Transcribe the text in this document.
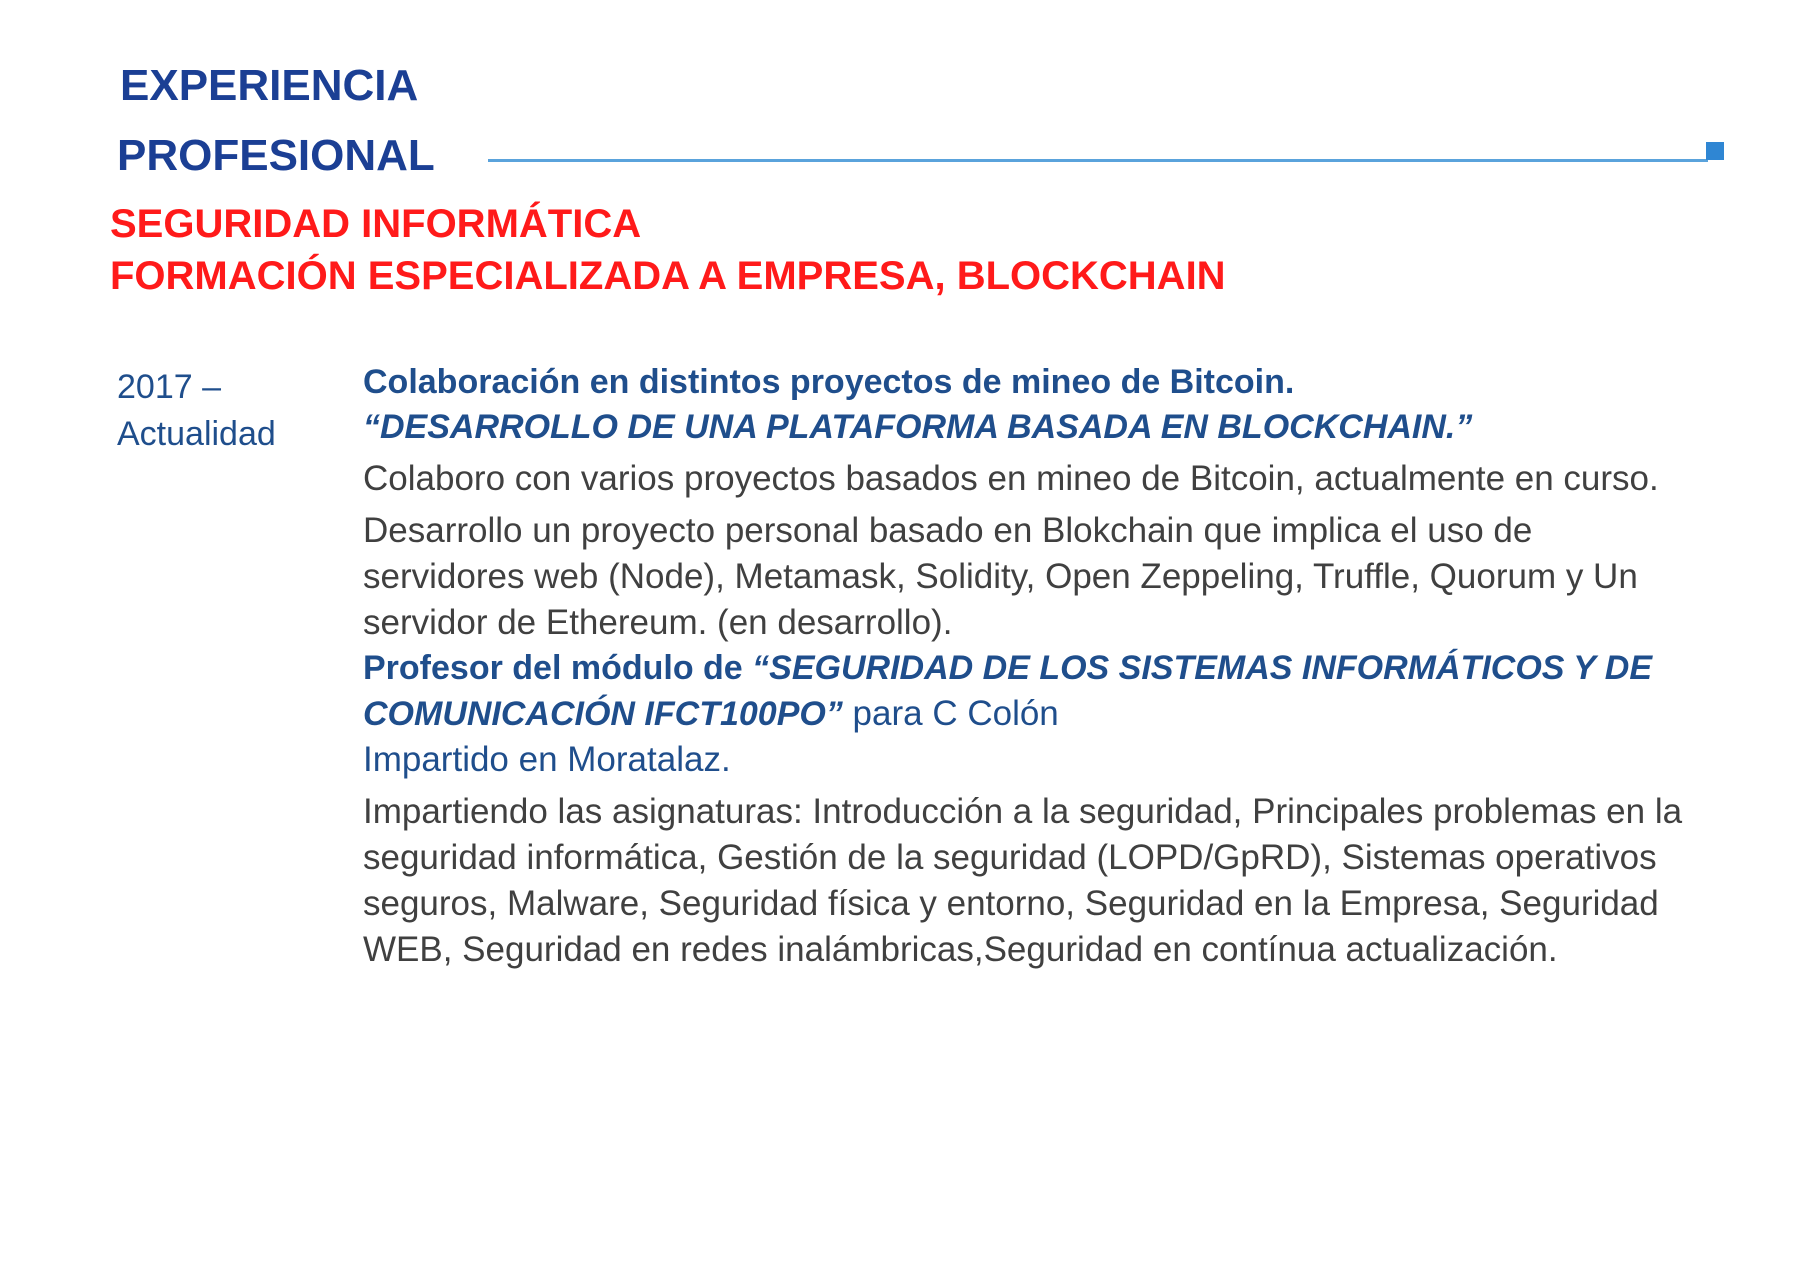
EXPERIENCIA
PROFESIONAL
SEGURIDAD INFORMÁTICA
FORMACIÓN ESPECIALIZADA A EMPRESA, BLOCKCHAIN
2017 –
Actualidad

Colaboración en distintos proyectos de mineo de Bitcoin.

“DESARROLLO DE UNA PLATAFORMA BASADA EN BLOCKCHAIN.”

Colaboro con varios proyectos basados en mineo de Bitcoin, actualmente en curso.

Desarrollo un proyecto personal basado en Blokchain que implica el uso de servidores web (Node), Metamask, Solidity, Open Zeppeling, Truffle, Quorum y Un servidor de Ethereum. (en desarrollo).

Profesor del módulo de “SEGURIDAD DE LOS SISTEMAS INFORMÁTICOS Y DE COMUNICACIÓN IFCT100PO” para C Colón

Impartido en Moratalaz.

Impartiendo las asignaturas: Introducción a la seguridad, Principales problemas en la seguridad informática, Gestión de la seguridad (LOPD/GpRD), Sistemas operativos seguros, Malware, Seguridad física y entorno, Seguridad en la Empresa, Seguridad WEB, Seguridad en redes inalámbricas,Seguridad en contínua actualización.
